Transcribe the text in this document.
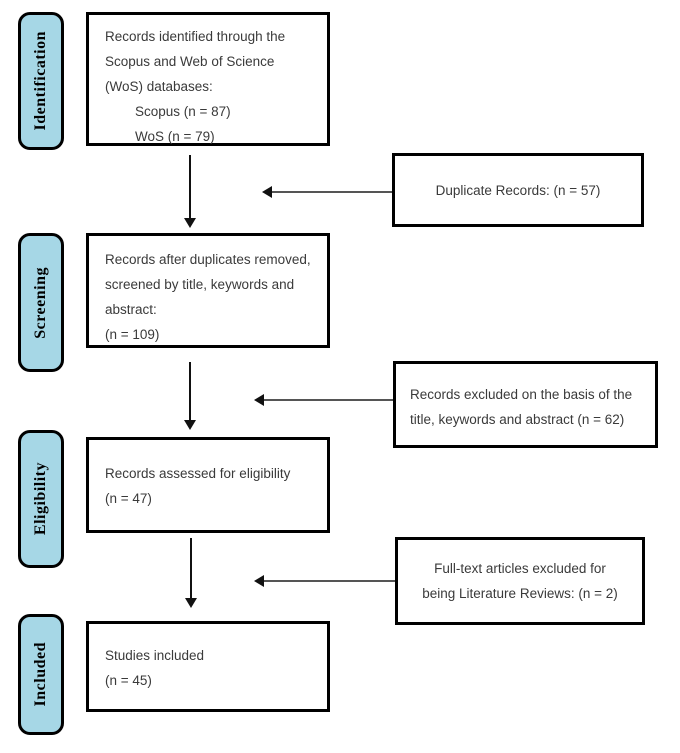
Identification
Screening
Eligibility
Included
Records identified through the
Scopus and Web of Science
(WoS) databases:
Scopus (n = 87)
WoS (n = 79)
Records after duplicates removed,
screened by title, keywords and
abstract:
(n = 109)
Records assessed for eligibility
(n = 47)
Studies included
(n = 45)
Duplicate Records: (n = 57)
Records excluded on the basis of the
title, keywords and abstract (n = 62)
Full-text articles excluded for
being Literature Reviews: (n = 2)
